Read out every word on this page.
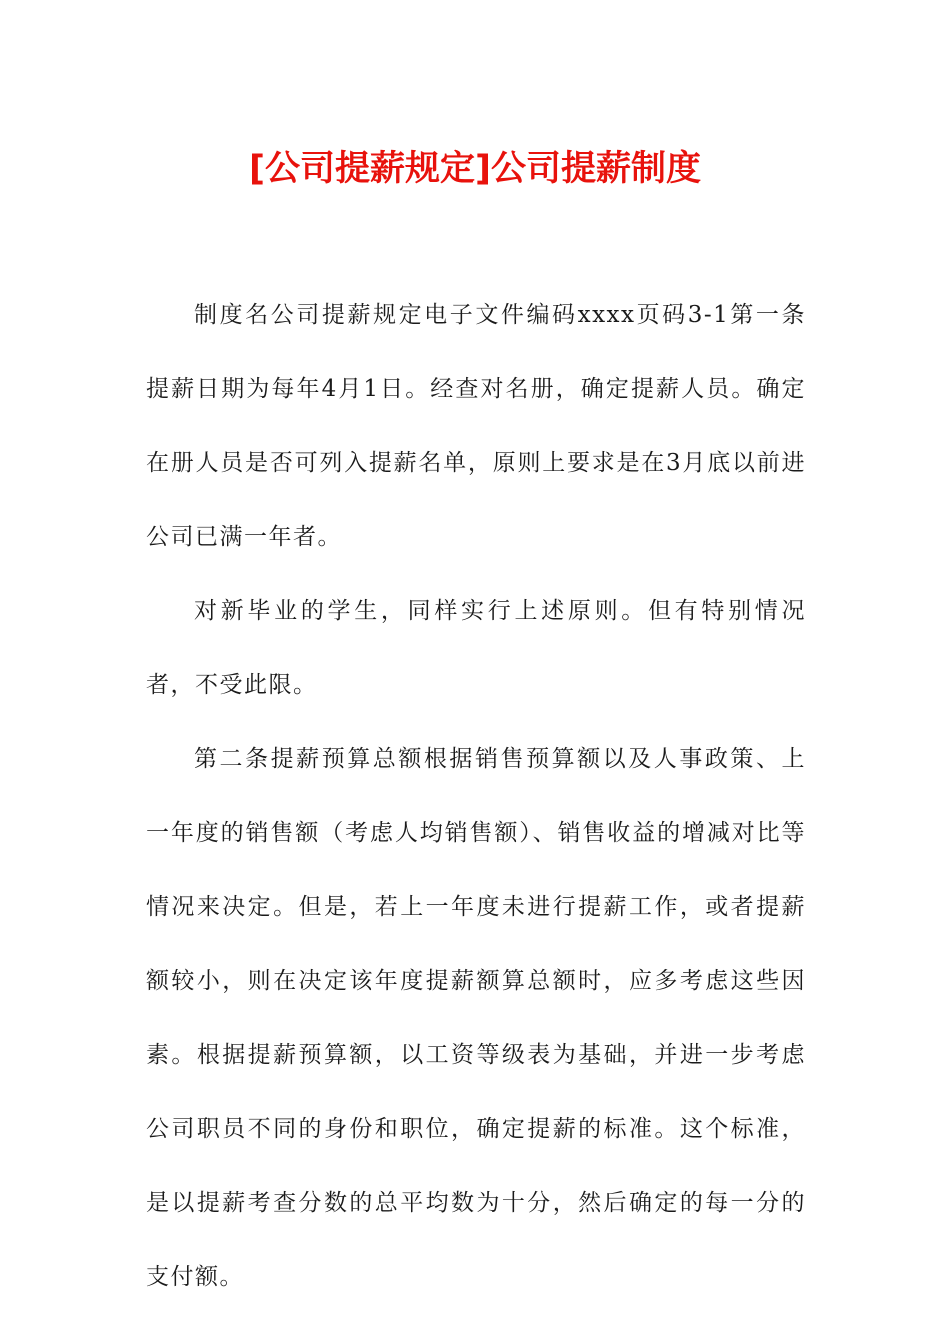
[公司提薪规定]公司提薪制度

制度名公司提薪规定电子文件编码xxxx页码3-1第一条提薪日期为每年4月1日。经查对名册，确定提薪人员。确定在册人员是否可列入提薪名单，原则上要求是在3月底以前进公司已满一年者。

对新毕业的学生，同样实行上述原则。但有特别情况者，不受此限。

第二条提薪预算总额根据销售预算额以及人事政策、上一年度的销售额（考虑人均销售额）、销售收益的增减对比等情况来决定。但是，若上一年度未进行提薪工作，或者提薪额较小，则在决定该年度提薪额算总额时，应多考虑这些因素。根据提薪预算额，以工资等级表为基础，并进一步考虑公司职员不同的身份和职位，确定提薪的标准。这个标准，是以提薪考查分数的总平均数为十分，然后确定的每一分的支付额。
